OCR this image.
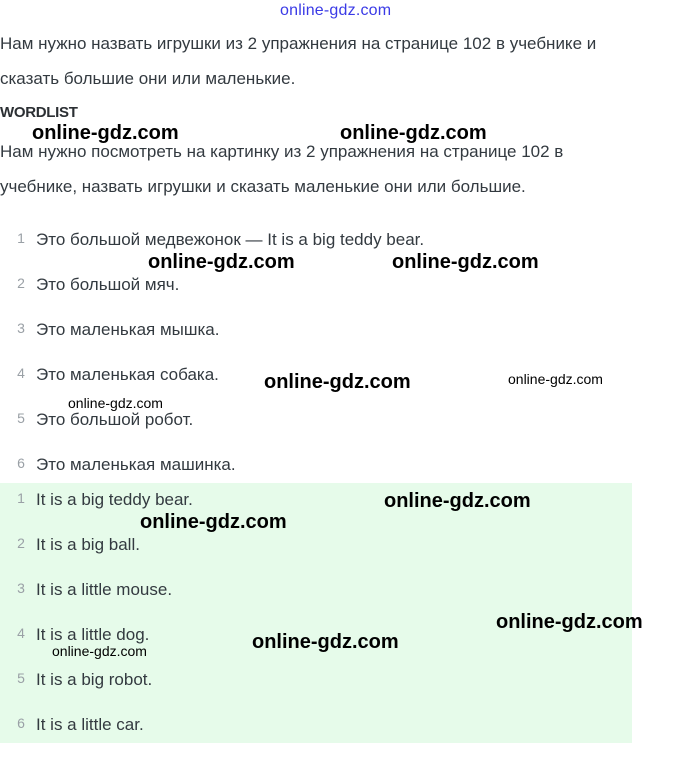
online-gdz.com

Нам нужно назвать игрушки из 2 упражнения на странице 102 в учебнике и
сказать большие они или маленькие.

WORDLIST

Нам нужно посмотреть на картинку из 2 упражнения на странице 102 в
учебнике, назвать игрушки и сказать маленькие они или большие.

1 Это большой медвежонок — It is a big teddy bear.
2 Это большой мяч.
3 Это маленькая мышка.
4 Это маленькая собака.
5 Это большой робот.
6 Это маленькая машинка.
1 It is a big teddy bear.
2 It is a big ball.
3 It is a little mouse.
4 It is a little dog.
5 It is a big robot.
6 It is a little car.
online-gdz.com	online-gdz.com
online-gdz.com	online-gdz.com
online-gdz.com	online-gdz.com
online-gdz.com
online-gdz.com
online-gdz.com
online-gdz.com
online-gdz.com
online-gdz.com
